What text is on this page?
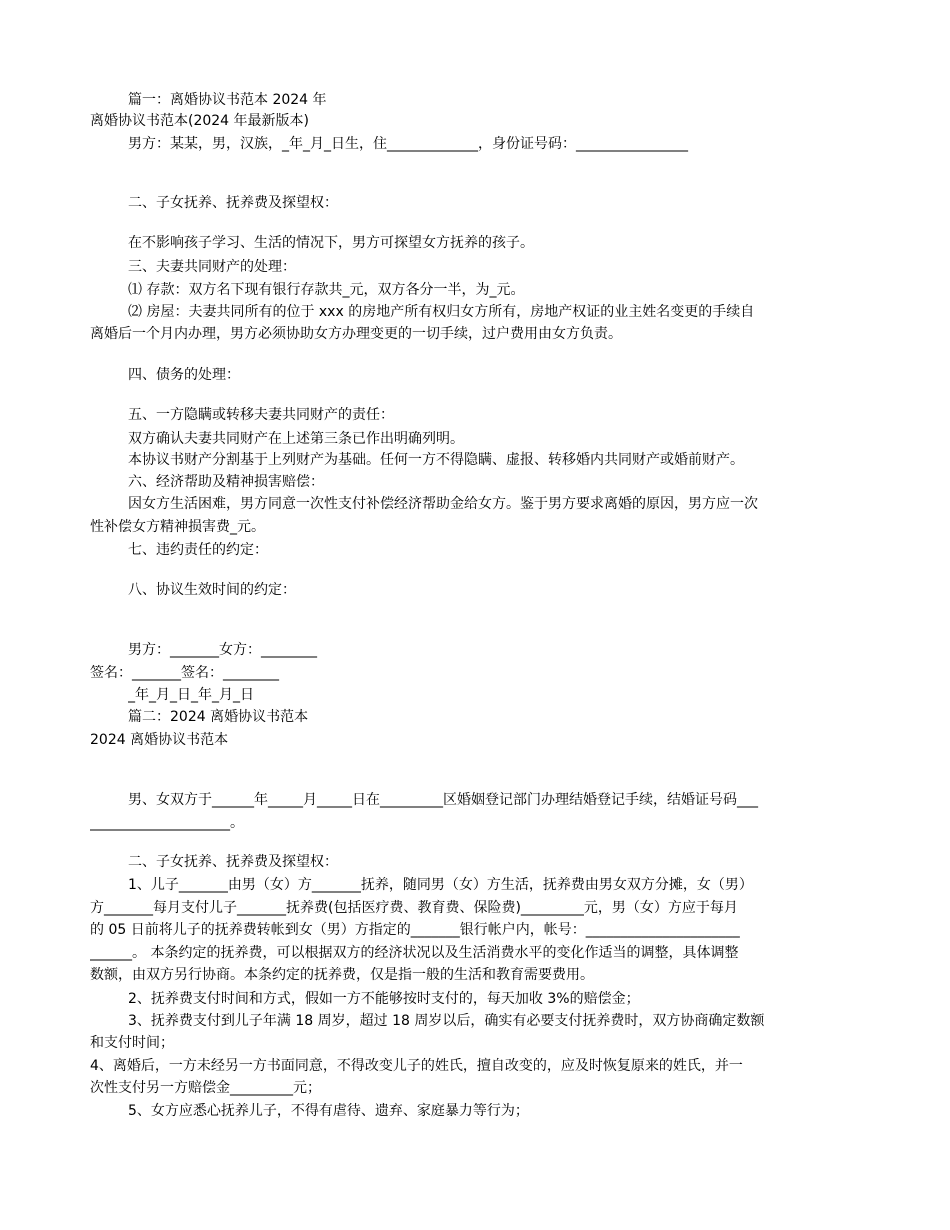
篇一：离婚协议书范本 2024 年
离婚协议书范本(2024 年最新版本)
男方：某某，男，汉族，_年_月_日生，住_____________，身份证号码：________________
二、子女抚养、抚养费及探望权：
在不影响孩子学习、生活的情况下，男方可探望女方抚养的孩子。
三、夫妻共同财产的处理：
⑴ 存款：双方名下现有银行存款共_元，双方各分一半，为_元。
⑵ 房屋：夫妻共同所有的位于 xxx 的房地产所有权归女方所有，房地产权证的业主姓名变更的手续自
离婚后一个月内办理，男方必须协助女方办理变更的一切手续，过户费用由女方负责。
四、债务的处理：
五、一方隐瞒或转移夫妻共同财产的责任：
双方确认夫妻共同财产在上述第三条已作出明确列明。
本协议书财产分割基于上列财产为基础。任何一方不得隐瞒、虚报、转移婚内共同财产或婚前财产。
六、经济帮助及精神损害赔偿：
因女方生活困难，男方同意一次性支付补偿经济帮助金给女方。鉴于男方要求离婚的原因，男方应一次
性补偿女方精神损害费_元。
七、违约责任的约定：
八、协议生效时间的约定：
男方：_______女方：________
签名：_______签名：________
_年_月_日_年_月_日
篇二：2024 离婚协议书范本
2024 离婚协议书范本
男、女双方于______年_____月_____日在_________区婚姻登记部门办理结婚登记手续，结婚证号码___
____________________。
二、子女抚养、抚养费及探望权：
1、儿子_______由男（女）方_______抚养，随同男（女）方生活，抚养费由男女双方分摊，女（男）
方_______每月支付儿子_______抚养费(包括医疗费、教育费、保险费)_________元，男（女）方应于每月
的 05 日前将儿子的抚养费转帐到女（男）方指定的_______银行帐户内，帐号：______________________
______。 本条约定的抚养费，可以根据双方的经济状况以及生活消费水平的变化作适当的调整，具体调整
数额，由双方另行协商。本条约定的抚养费，仅是指一般的生活和教育需要费用。
2、抚养费支付时间和方式，假如一方不能够按时支付的，每天加收 3%的赔偿金；
3、抚养费支付到儿子年满 18 周岁，超过 18 周岁以后，确实有必要支付抚养费时，双方协商确定数额
和支付时间；
4、离婚后，一方未经另一方书面同意，不得改变儿子的姓氏，擅自改变的，应及时恢复原来的姓氏，并一
次性支付另一方赔偿金_________元；
5、女方应悉心抚养儿子，不得有虐待、遗弃、家庭暴力等行为；
